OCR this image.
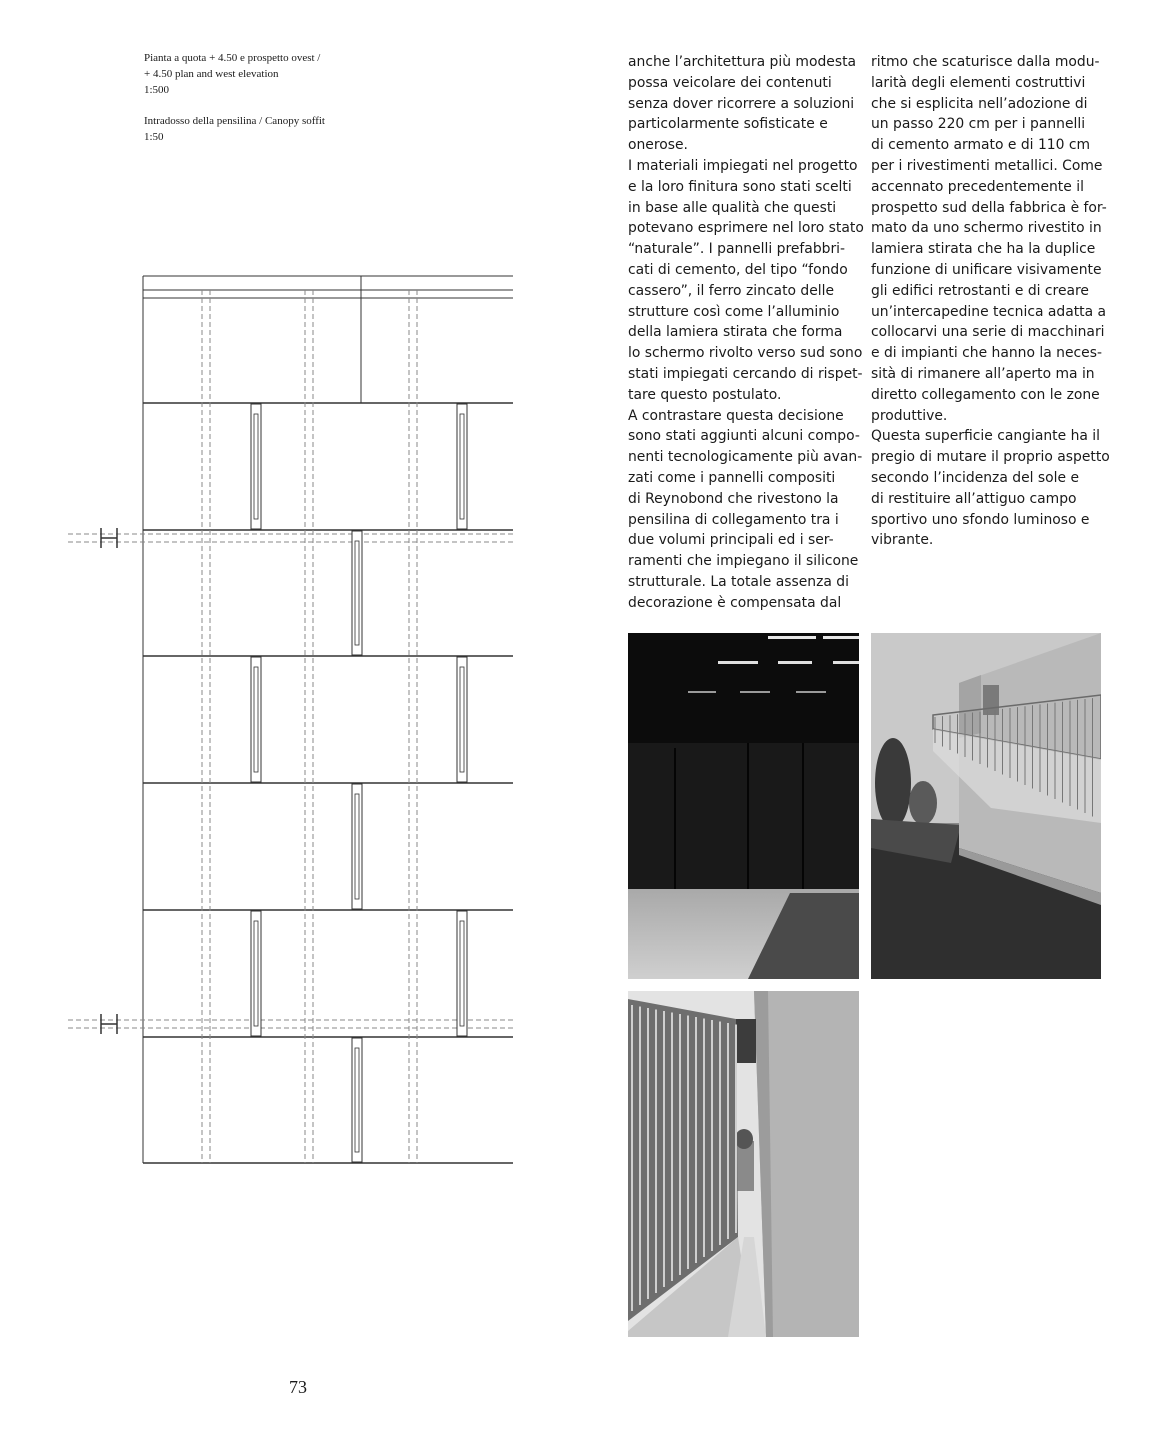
Pianta a quota + 4.50 e prospetto ovest /
+ 4.50 plan and west elevation
1:500
Intradosso della pensilina / Canopy soffit
1:50
anche l’architettura più modesta
possa veicolare dei contenuti
senza dover ricorrere a soluzioni
particolarmente sofisticate e
onerose.
I materiali impiegati nel progetto
e la loro finitura sono stati scelti
in base alle qualità che questi
potevano esprimere nel loro stato
“naturale”. I pannelli prefabbri-
cati di cemento, del tipo “fondo
cassero”, il ferro zincato delle
strutture così come l’alluminio
della lamiera stirata che forma
lo schermo rivolto verso sud sono
stati impiegati cercando di rispet-
tare questo postulato.
A contrastare questa decisione
sono stati aggiunti alcuni compo-
nenti tecnologicamente più avan-
zati come i pannelli compositi
di Reynobond che rivestono la
pensilina di collegamento tra i
due volumi principali ed i ser-
ramenti che impiegano il silicone
strutturale. La totale assenza di
decorazione è compensata dal
ritmo che scaturisce dalla modu-
larità degli elementi costruttivi
che si esplicita nell’adozione di
un passo 220 cm per i pannelli
di cemento armato e di 110 cm
per i rivestimenti metallici. Come
accennato precedentemente il
prospetto sud della fabbrica è for-
mato da uno schermo rivestito in
lamiera stirata che ha la duplice
funzione di unificare visivamente
gli edifici retrostanti e di creare
un’intercapedine tecnica adatta a
collocarvi una serie di macchinari
e di impianti che hanno la neces-
sità di rimanere all’aperto ma in
diretto collegamento con le zone
produttive.
Questa superficie cangiante ha il
pregio di mutare il proprio aspetto
secondo l’incidenza del sole e
di restituire all’attiguo campo
sportivo uno sfondo luminoso e
vibrante.
73
